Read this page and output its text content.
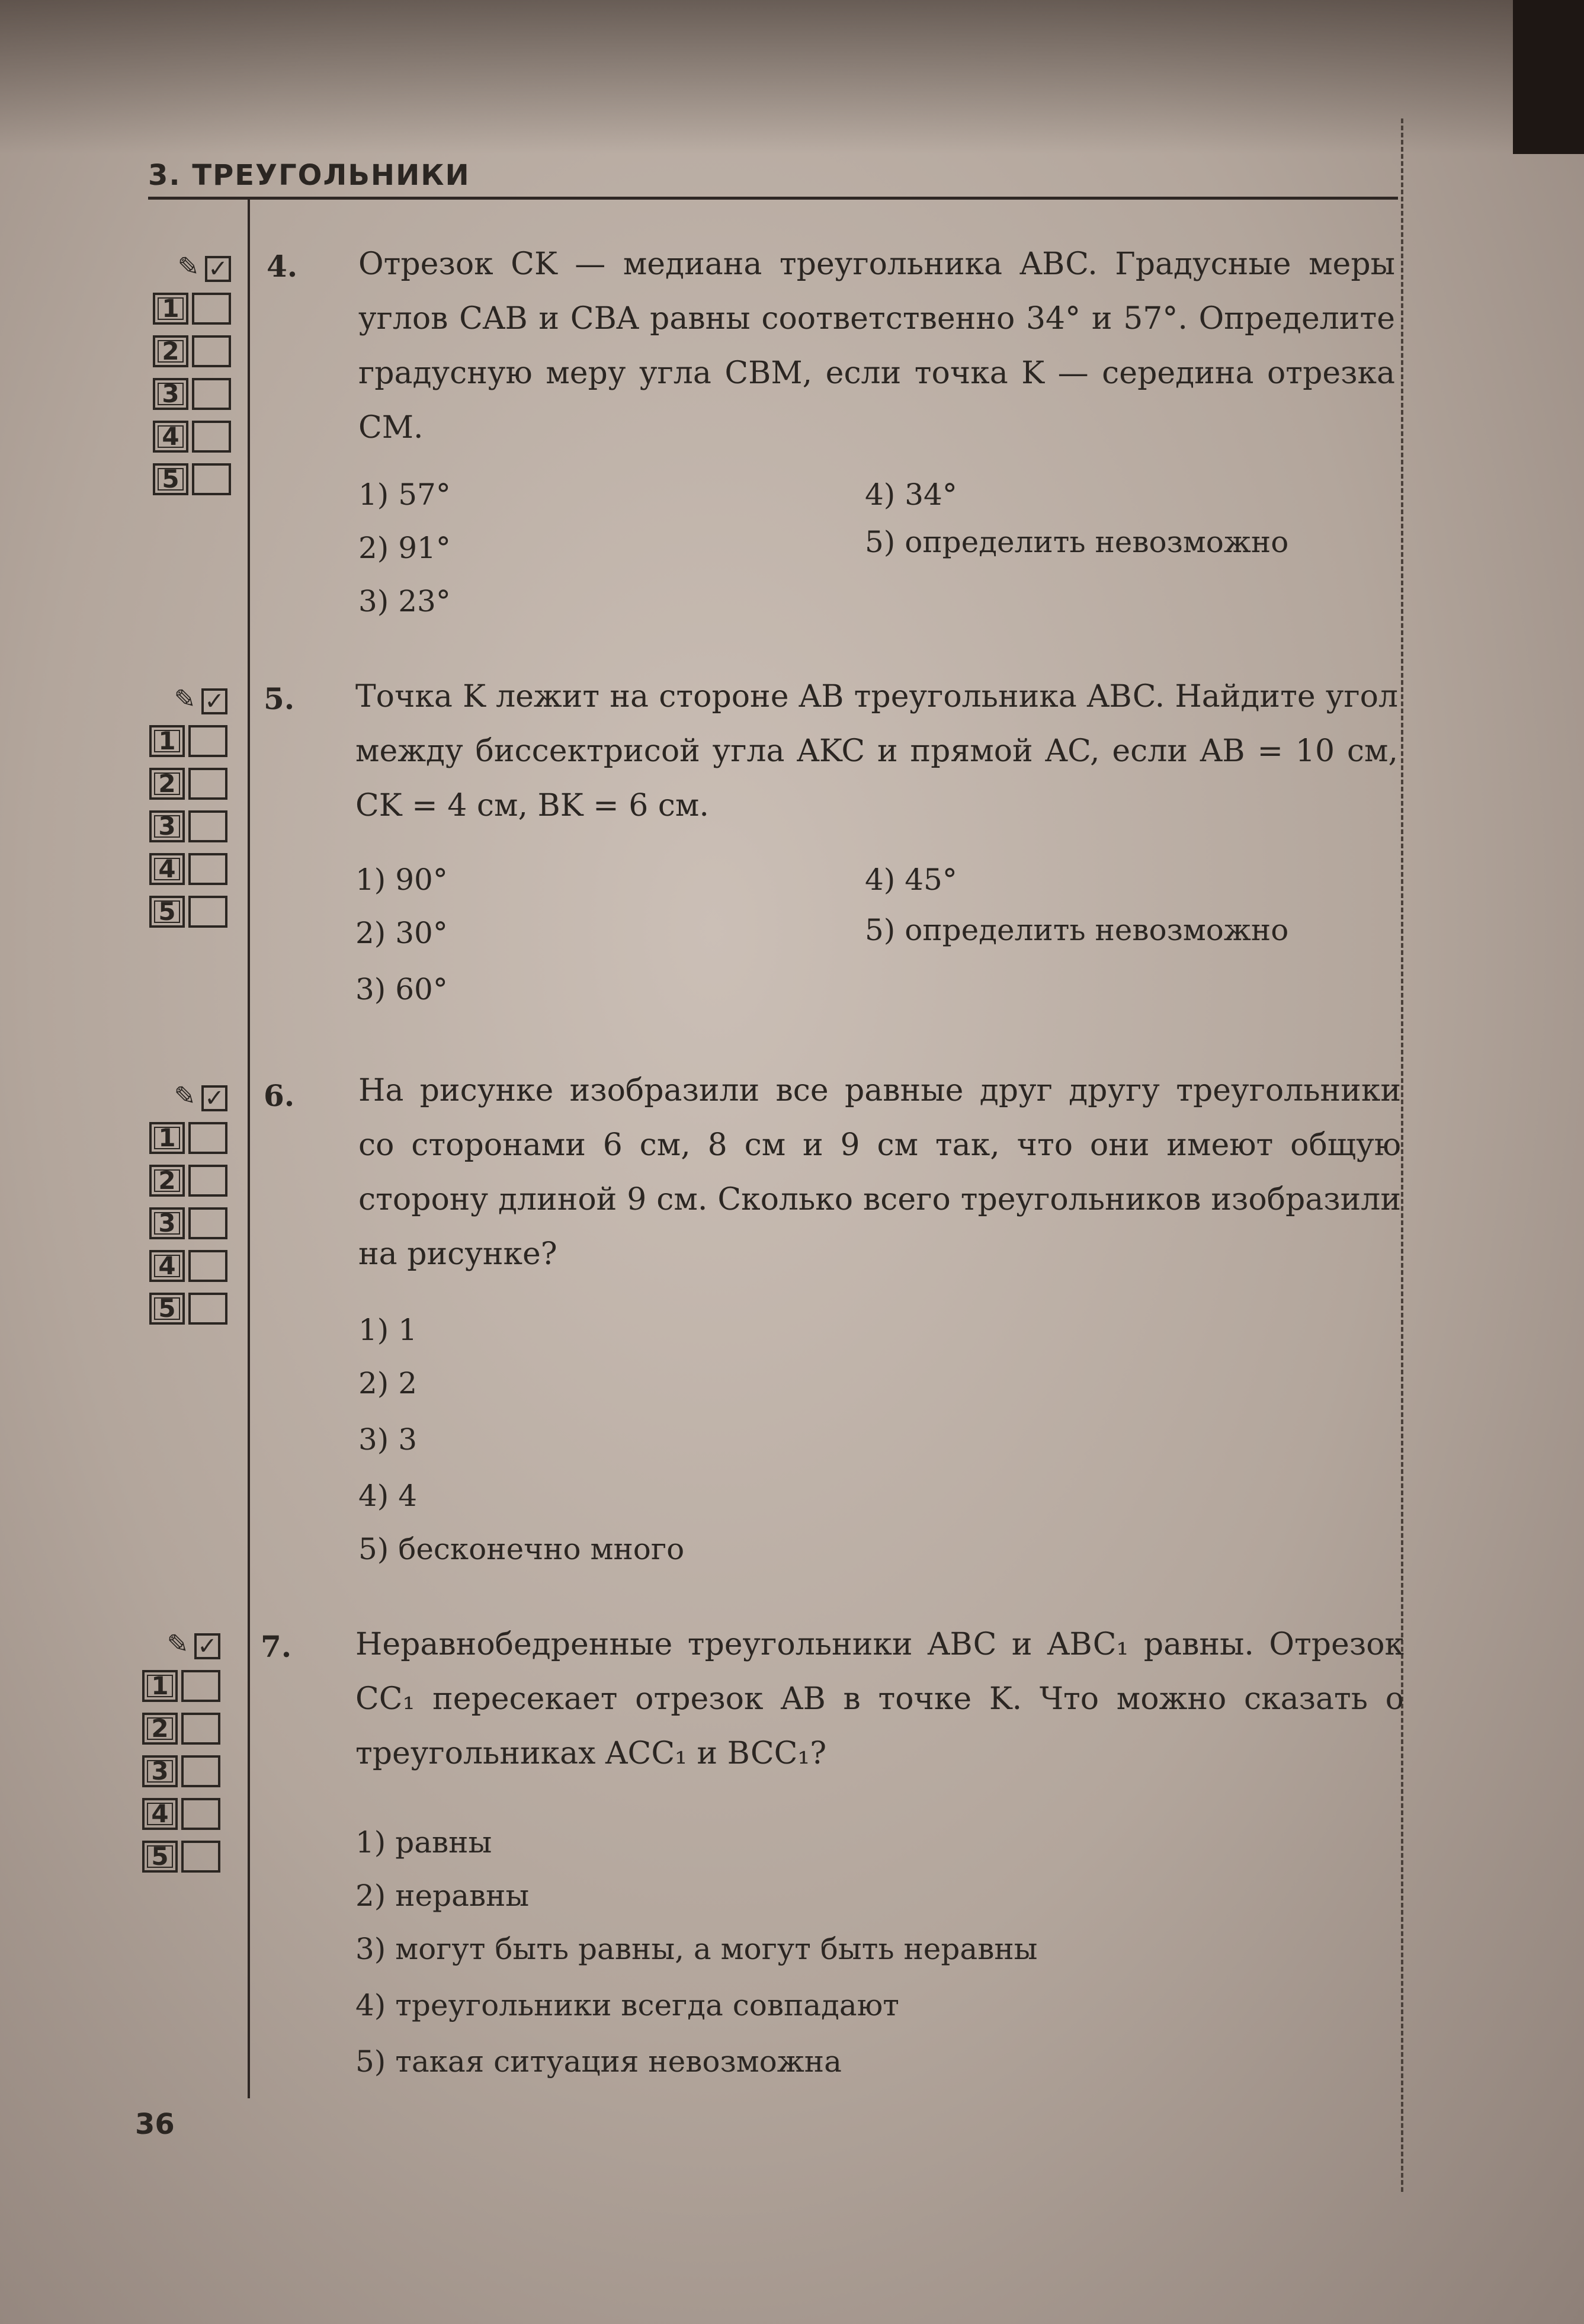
3. ТРЕУГОЛЬНИКИ
✎ ✓
1
2
3
4
5
4. Отрезок CK — медиана треугольника ABC. Градусные меры углов CAB и CBA равны соответственно 34° и 57°. Определите градусную меру угла CBM, если точка K — середина отрезка CM.
1) 57°
2) 91°
3) 23°
4) 34°
5) определить невозможно
✎ ✓
1
2
3
4
5
5. Точка K лежит на стороне AB треугольника ABC. Найдите угол между биссектрисой угла AKC и прямой AC, если AB = 10 см, CK = 4 см, BK = 6 см.
1) 90°
2) 30°
3) 60°
4) 45°
5) определить невозможно
✎ ✓
1
2
3
4
5
6. На рисунке изобразили все равные друг другу треугольники со сторонами 6 см, 8 см и 9 см так, что они имеют общую сторону длиной 9 см. Сколько всего треугольников изобразили на рисунке?
1) 1
2) 2
3) 3
4) 4
5) бесконечно много
✎ ✓
1
2
3
4
5
7. Неравнобедренные треугольники ABC и ABC₁ равны. Отрезок CC₁ пересекает отрезок AB в точке K. Что можно сказать о треугольниках ACC₁ и BCC₁?
1) равны
2) неравны
3) могут быть равны, а могут быть неравны
4) треугольники всегда совпадают
5) такая ситуация невозможна
36
